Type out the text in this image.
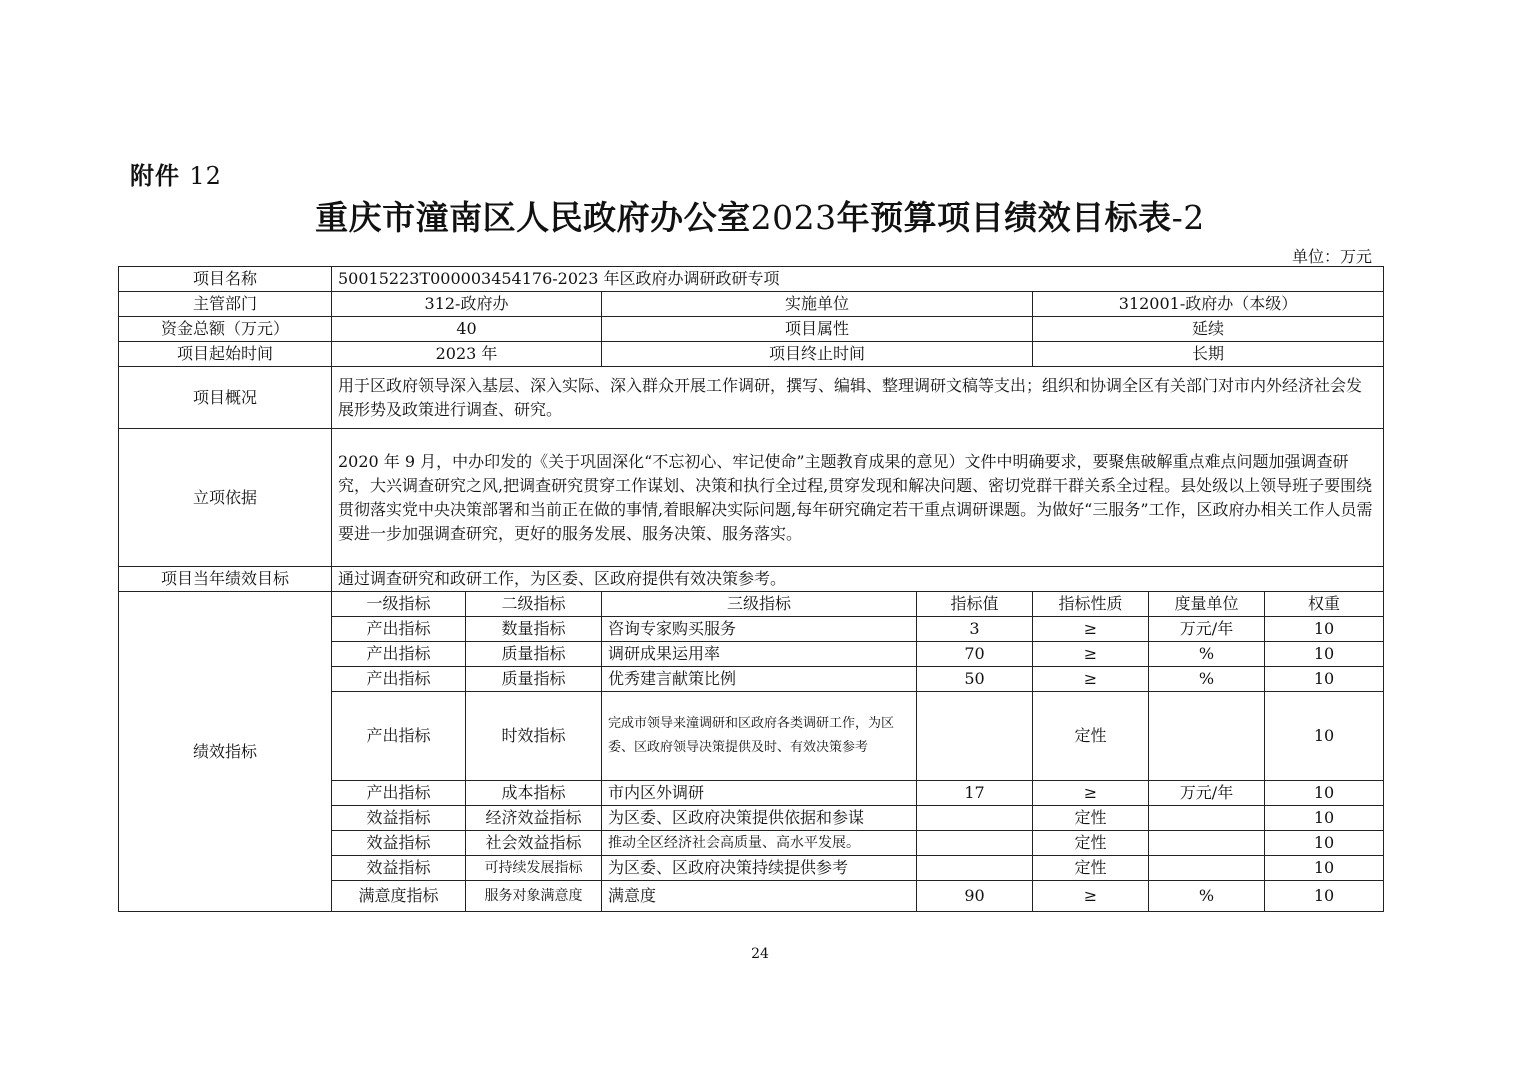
附件 12
重庆市潼南区人民政府办公室2023年预算项目绩效目标表-2
单位：万元
项目名称	50015223T000003454176-2023 年区政府办调研政研专项						
主管部门	312-政府办		实施单位		312001-政府办（本级）		
资金总额（万元）	40		项目属性		延续		
项目起始时间	2023 年		项目终止时间		长期		
项目概况	用于区政府领导深入基层、深入实际、深入群众开展工作调研，撰写、编辑、整理调研文稿等支出；组织和协调全区有关部门对市内外经济社会发展形势及政策进行调查、研究。						
立项依据	2020 年 9 月，中办印发的《关于巩固深化“不忘初心、牢记使命”主题教育成果的意见）文件中明确要求，要聚焦破解重点难点问题加强调查研究，大兴调查研究之风,把调查研究贯穿工作谋划、决策和执行全过程,贯穿发现和解决问题、密切党群干群关系全过程。县处级以上领导班子要围绕贯彻落实党中央决策部署和当前正在做的事情,着眼解决实际问题,每年研究确定若干重点调研课题。为做好“三服务”工作，区政府办相关工作人员需要进一步加强调查研究，更好的服务发展、服务决策、服务落实。						
项目当年绩效目标	通过调查研究和政研工作，为区委、区政府提供有效决策参考。						
绩效指标	一级指标	二级指标	三级指标	指标值	指标性质	度量单位	权重
	产出指标	数量指标	咨询专家购买服务	3	≥	万元/年	10
	产出指标	质量指标	调研成果运用率	70	≥	%	10
	产出指标	质量指标	优秀建言献策比例	50	≥	%	10
	产出指标	时效指标	完成市领导来潼调研和区政府各类调研工作，为区委、区政府领导决策提供及时、有效决策参考		定性		10
	产出指标	成本指标	市内区外调研	17	≥	万元/年	10
	效益指标	经济效益指标	为区委、区政府决策提供依据和参谋		定性		10
	效益指标	社会效益指标	推动全区经济社会高质量、高水平发展。		定性		10
	效益指标	可持续发展指标	为区委、区政府决策持续提供参考		定性		10
	满意度指标	服务对象满意度	满意度	90	≥	%	10
24
